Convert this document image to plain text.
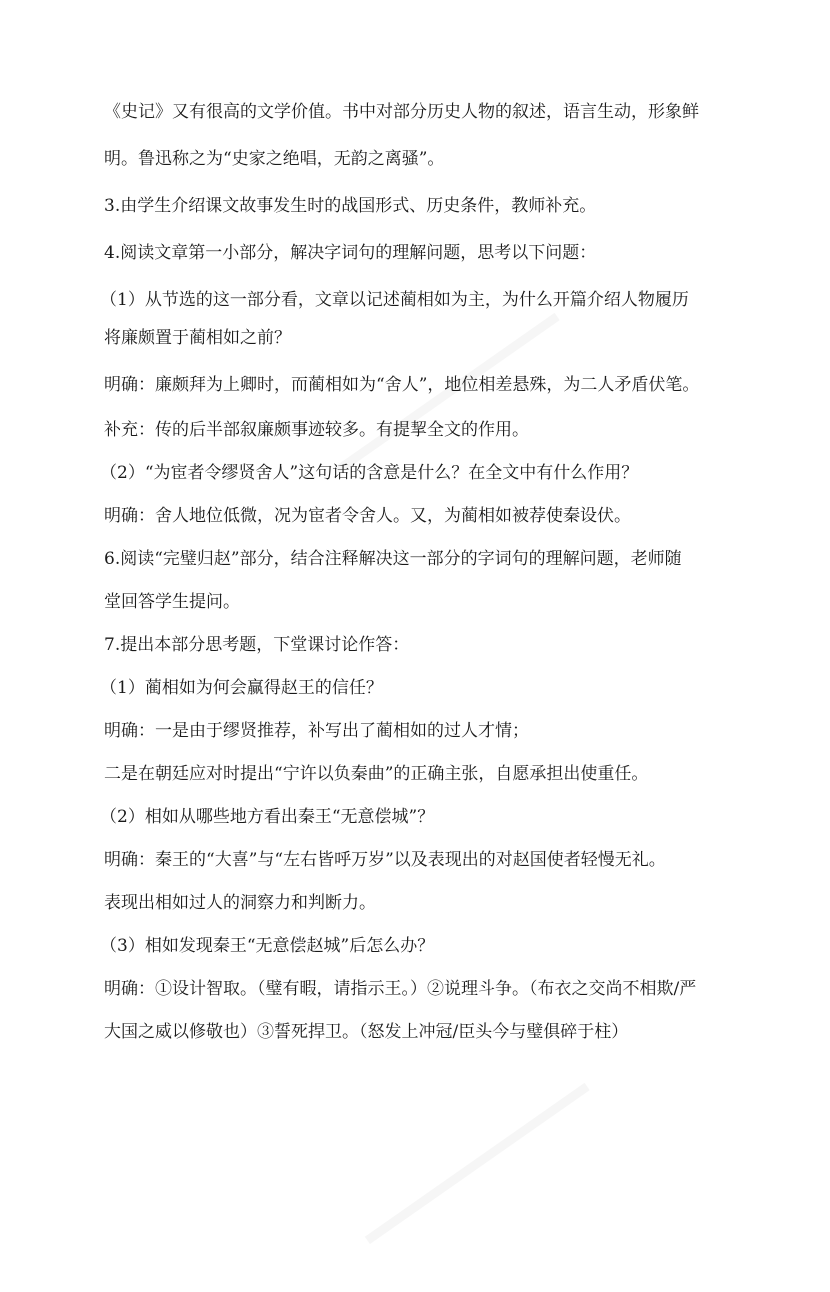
《史记》又有很高的文学价值。书中对部分历史人物的叙述，语言生动，形象鲜

明。鲁迅称之为“史家之绝唱，无韵之离骚”。

3.由学生介绍课文故事发生时的战国形式、历史条件，教师补充。

4.阅读文章第一小部分，解决字词句的理解问题，思考以下问题：

（1）从节选的这一部分看，文章以记述蔺相如为主，为什么开篇介绍人物履历

将廉颇置于蔺相如之前？

明确：廉颇拜为上卿时，而蔺相如为“舍人”，地位相差悬殊，为二人矛盾伏笔。

补充：传的后半部叙廉颇事迹较多。有提挈全文的作用。

（2）“为宦者令缪贤舍人”这句话的含意是什么？在全文中有什么作用？

明确：舍人地位低微，况为宦者令舍人。又，为蔺相如被荐使秦设伏。

6.阅读“完璧归赵”部分，结合注释解决这一部分的字词句的理解问题，老师随

堂回答学生提问。

7.提出本部分思考题，下堂课讨论作答：

（1）蔺相如为何会赢得赵王的信任？

明确：一是由于缪贤推荐，补写出了蔺相如的过人才情；

二是在朝廷应对时提出“宁许以负秦曲”的正确主张，自愿承担出使重任。

（2）相如从哪些地方看出秦王“无意偿城”？

明确：秦王的“大喜”与“左右皆呼万岁”以及表现出的对赵国使者轻慢无礼。

表现出相如过人的洞察力和判断力。

（3）相如发现秦王“无意偿赵城”后怎么办？

明确：①设计智取。（璧有暇，请指示王。）②说理斗争。（布衣之交尚不相欺/严

大国之威以修敬也）③誓死捍卫。（怒发上冲冠/臣头今与璧俱碎于柱）
